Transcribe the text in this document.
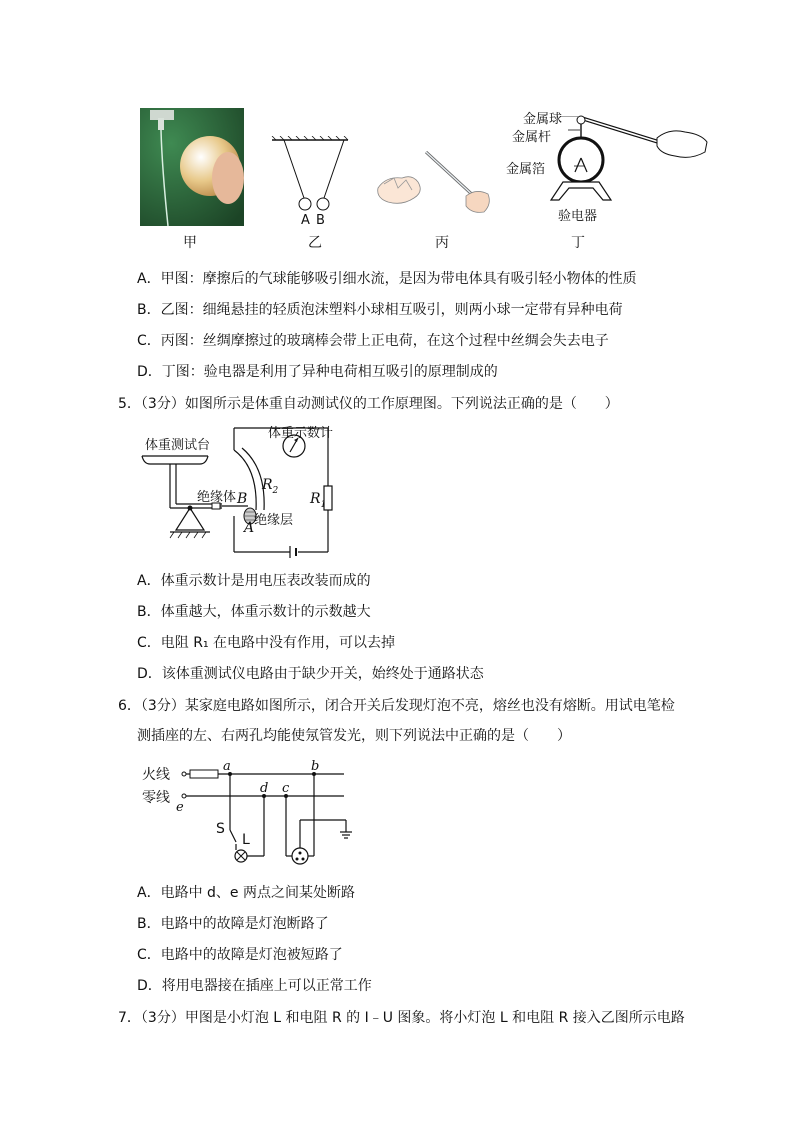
甲
A B
乙	丙
金属球
金属杆
金属箔
验电器
丁
A．甲图：摩擦后的气球能够吸引细水流，是因为带电体具有吸引轻小物体的性质
B．乙图：细绳悬挂的轻质泡沫塑料小球相互吸引，则两小球一定带有异种电荷
C．丙图：丝绸摩擦过的玻璃棒会带上正电荷，在这个过程中丝绸会失去电子
D．丁图：验电器是利用了异种电荷相互吸引的原理制成的
5．（3分）如图所示是体重自动测试仪的工作原理图。下列说法正确的是（　　）
体重测试台
体重示数计
绝缘体
绝缘层
B
A
$R_2$
$R_1$
A．体重示数计是用电压表改装而成的
B．体重越大，体重示数计的示数越大
C．电阻 R₁ 在电路中没有作用，可以去掉
D．该体重测试仪电路由于缺少开关，始终处于通路状态
6．（3分）某家庭电路如图所示，闭合开关后发现灯泡不亮，熔丝也没有熔断。用试电笔检
测插座的左、右两孔均能使氖管发光，则下列说法中正确的是（　　）
火线
零线
a	b
c
d
e
S
L
A．电路中 d、e 两点之间某处断路
B．电路中的故障是灯泡断路了
C．电路中的故障是灯泡被短路了
D．将用电器接在插座上可以正常工作
7．（3分）甲图是小灯泡 L 和电阻 R 的 I﹣U 图象。将小灯泡 L 和电阻 R 接入乙图所示电路
